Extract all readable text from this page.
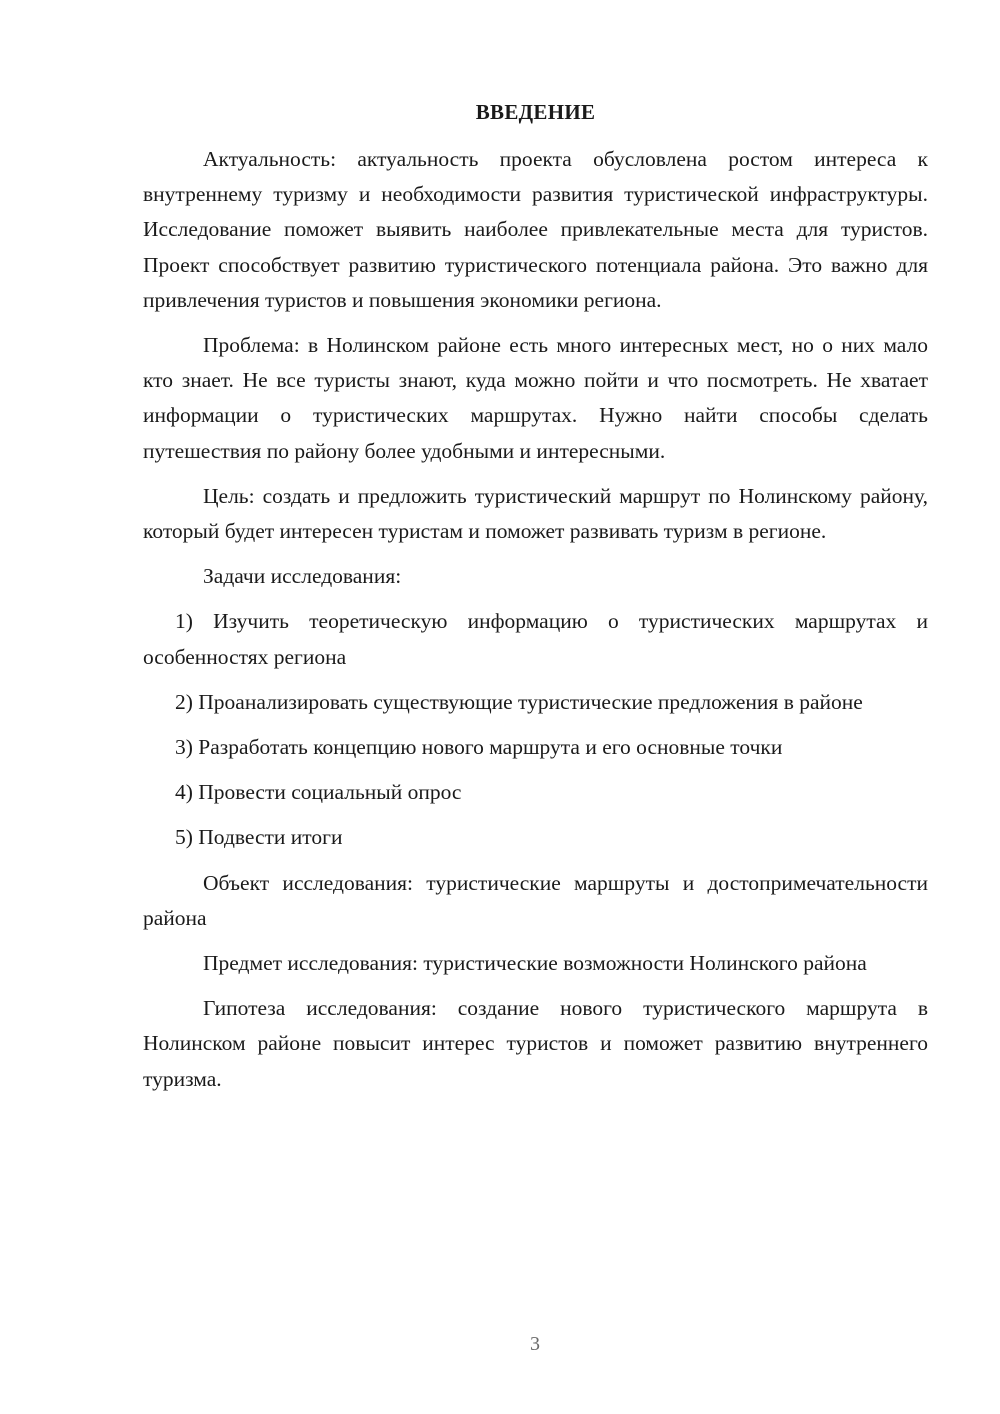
ВВЕДЕНИЕ

Актуальность: актуальность проекта обусловлена ростом интереса к внутреннему туризму и необходимости развития туристической инфраструктуры. Исследование поможет выявить наиболее привлекательные места для туристов. Проект способствует развитию туристического потенциала района. Это важно для привлечения туристов и повышения экономики региона.

Проблема: в Нолинском районе есть много интересных мест, но о них мало кто знает. Не все туристы знают, куда можно пойти и что посмотреть. Не хватает информации о туристических маршрутах. Нужно найти способы сделать путешествия по району более удобными и интересными.

Цель: создать и предложить туристический маршрут по Нолинскому району, который будет интересен туристам и поможет развивать туризм в регионе.

Задачи исследования:

1) Изучить теоретическую информацию о туристических маршрутах и особенностях региона

2) Проанализировать существующие туристические предложения в районе

3) Разработать концепцию нового маршрута и его основные точки

4) Провести социальный опрос

5) Подвести итоги

Объект исследования: туристические маршруты и достопримечательности района

Предмет исследования: туристические возможности Нолинского района

Гипотеза исследования: создание нового туристического маршрута в Нолинском районе повысит интерес туристов и поможет развитию внутреннего туризма.

3
